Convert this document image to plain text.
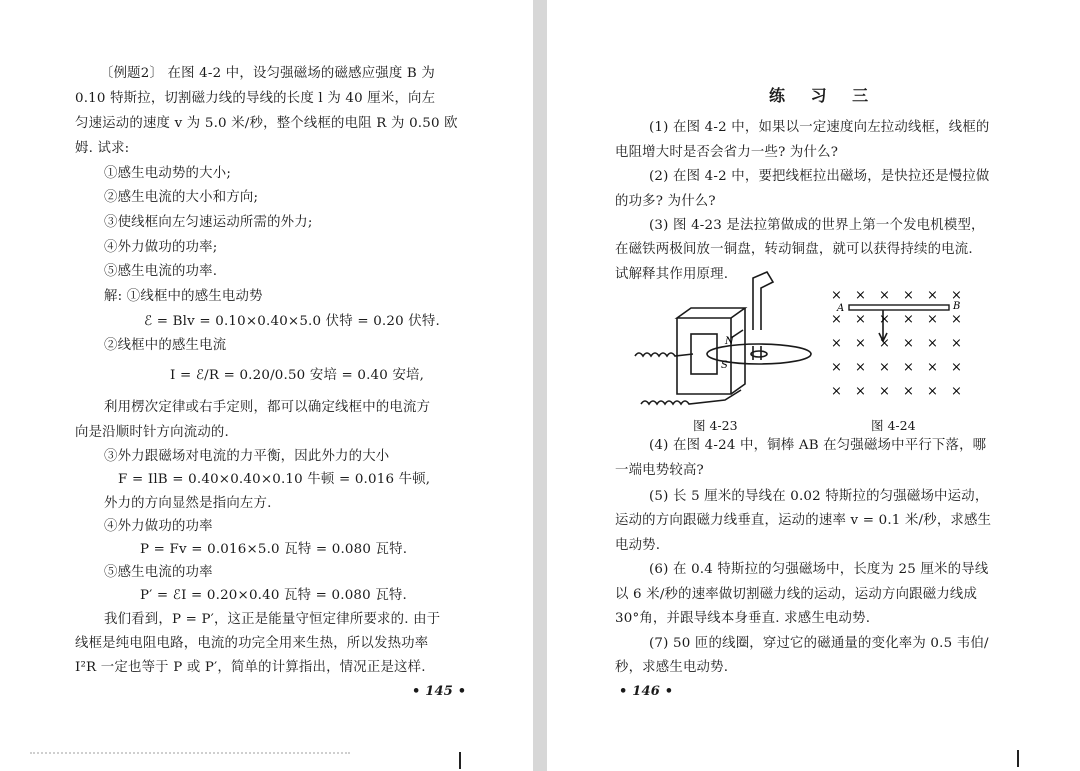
〔例题2〕 在图 4-2 中，设匀强磁场的磁感应强度 B 为
0.10 特斯拉，切割磁力线的导线的长度 l 为 40 厘米，向左
匀速运动的速度 v 为 5.0 米/秒，整个线框的电阻 R 为 0.50 欧
姆. 试求:
①感生电动势的大小;
②感生电流的大小和方向;
③使线框向左匀速运动所需的外力;
④外力做功的功率;
⑤感生电流的功率.
解: ①线框中的感生电动势
ℰ = Blv = 0.10×0.40×5.0 伏特 = 0.20 伏特.
②线框中的感生电流
I = ℰ/R = 0.20/0.50 安培 = 0.40 安培,
利用楞次定律或右手定则，都可以确定线框中的电流方
向是沿顺时针方向流动的.
③外力跟磁场对电流的力平衡，因此外力的大小
F = IlB = 0.40×0.40×0.10 牛顿 = 0.016 牛顿,
外力的方向显然是指向左方.
④外力做功的功率
P = Fv = 0.016×5.0 瓦特 = 0.080 瓦特.
⑤感生电流的功率
P′ = ℰI = 0.20×0.40 瓦特 = 0.080 瓦特.
我们看到，P = P′，这正是能量守恒定律所要求的. 由于
线框是纯电阻电路，电流的功完全用来生热，所以发热功率
I²R 一定也等于 P 或 P′，简单的计算指出，情况正是这样.
• 145 •
练 习 三
(1) 在图 4-2 中，如果以一定速度向左拉动线框，线框的
电阻增大时是否会省力一些? 为什么?
(2) 在图 4-2 中，要把线框拉出磁场，是快拉还是慢拉做
的功多? 为什么?
(3) 图 4-23 是法拉第做成的世界上第一个发电机模型，
在磁铁两极间放一铜盘，转动铜盘，就可以获得持续的电流.
试解释其作用原理.
N
S
图 4-23
A	B
× × × × × ×
× × × × × ×
× × × × × ×
× × × × × ×
× × × × × ×
图 4-24
(4) 在图 4-24 中，铜棒 AB 在匀强磁场中平行下落，哪
一端电势较高?
(5) 长 5 厘米的导线在 0.02 特斯拉的匀强磁场中运动，
运动的方向跟磁力线垂直，运动的速率 v = 0.1 米/秒，求感生
电动势.
(6) 在 0.4 特斯拉的匀强磁场中，长度为 25 厘米的导线
以 6 米/秒的速率做切割磁力线的运动，运动方向跟磁力线成
30°角，并跟导线本身垂直. 求感生电动势.
(7) 50 匝的线圈，穿过它的磁通量的变化率为 0.5 韦伯/
秒，求感生电动势.
• 146 •
